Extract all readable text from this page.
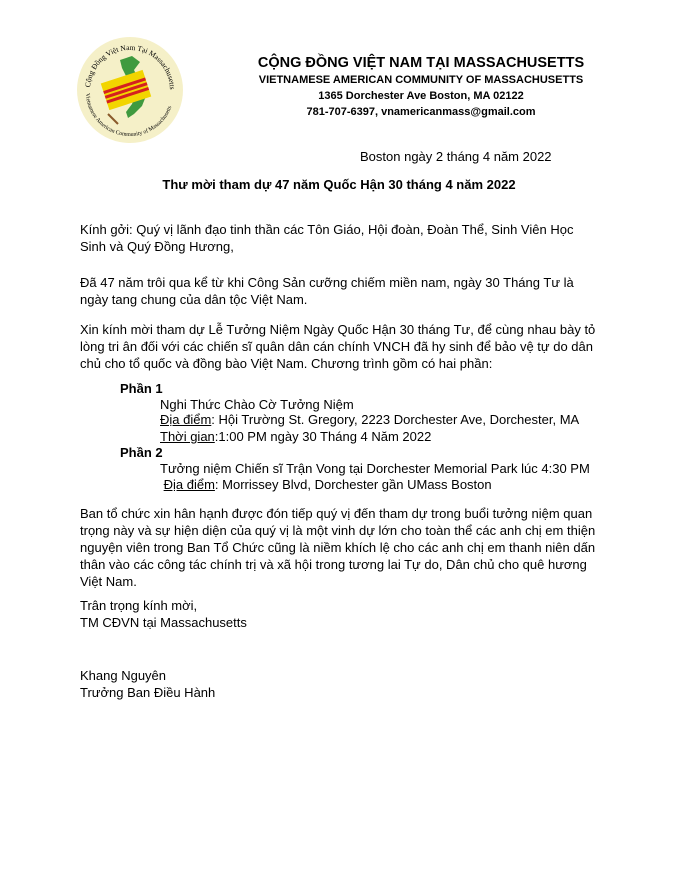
Cộng Đồng Việt Nam Tại Massachusetts
Vietnamese American Community of Massachusetts
CỘNG ĐỒNG VIỆT NAM TẠI MASSACHUSETTS
VIETNAMESE AMERICAN COMMUNITY OF MASSACHUSETTS
1365 Dorchester Ave Boston, MA 02122
781-707-6397, vnamericanmass@gmail.com
Boston ngày 2 tháng 4 năm 2022
Thư mời tham dự 47 năm Quốc Hận 30 tháng 4 năm 2022
Kính gởi: Quý vị lãnh đạo tinh thần các Tôn Giáo, Hội đoàn, Đoàn Thể, Sinh Viên Học Sinh và Quý Đồng Hương,
Đã 47 năm trôi qua kể từ khi Công Sản cưỡng chiếm miền nam, ngày 30 Tháng Tư là ngày tang chung của dân tộc Việt Nam.
Xin kính mời tham dự Lễ Tưởng Niệm Ngày Quốc Hận 30 tháng Tư, để cùng nhau bày tỏ lòng tri ân đối với các chiến sĩ quân dân cán chính VNCH đã hy sinh để bảo vệ tự do dân chủ cho tổ quốc và đồng bào Việt Nam. Chương trình gồm có hai phần:
Phần 1
Nghi Thức Chào Cờ Tưởng Niệm
Địa điểm: Hội Trường St. Gregory, 2223 Dorchester Ave, Dorchester, MA
Thời gian:1:00 PM ngày 30 Tháng 4 Năm 2022
Phần 2
Tưởng niệm Chiến sĩ Trận Vong tại Dorchester Memorial Park lúc 4:30 PM
Địa điểm: Morrissey Blvd, Dorchester gần UMass Boston
Ban tổ chức xin hân hạnh được đón tiếp quý vị đến tham dự trong buổi tưởng niệm quan trọng này và sự hiện diện của quý vị là một vinh dự lớn cho toàn thể các anh chị em thiện nguyện viên trong Ban Tổ Chức cũng là niềm khích lệ cho các anh chị em thanh niên dấn thân vào các công tác chính trị và xã hội trong tương lai Tự do, Dân chủ cho quê hương Việt Nam.
Trân trọng kính mời,
TM CĐVN tại Massachusetts
Khang Nguyên
Trưởng Ban Điều Hành
